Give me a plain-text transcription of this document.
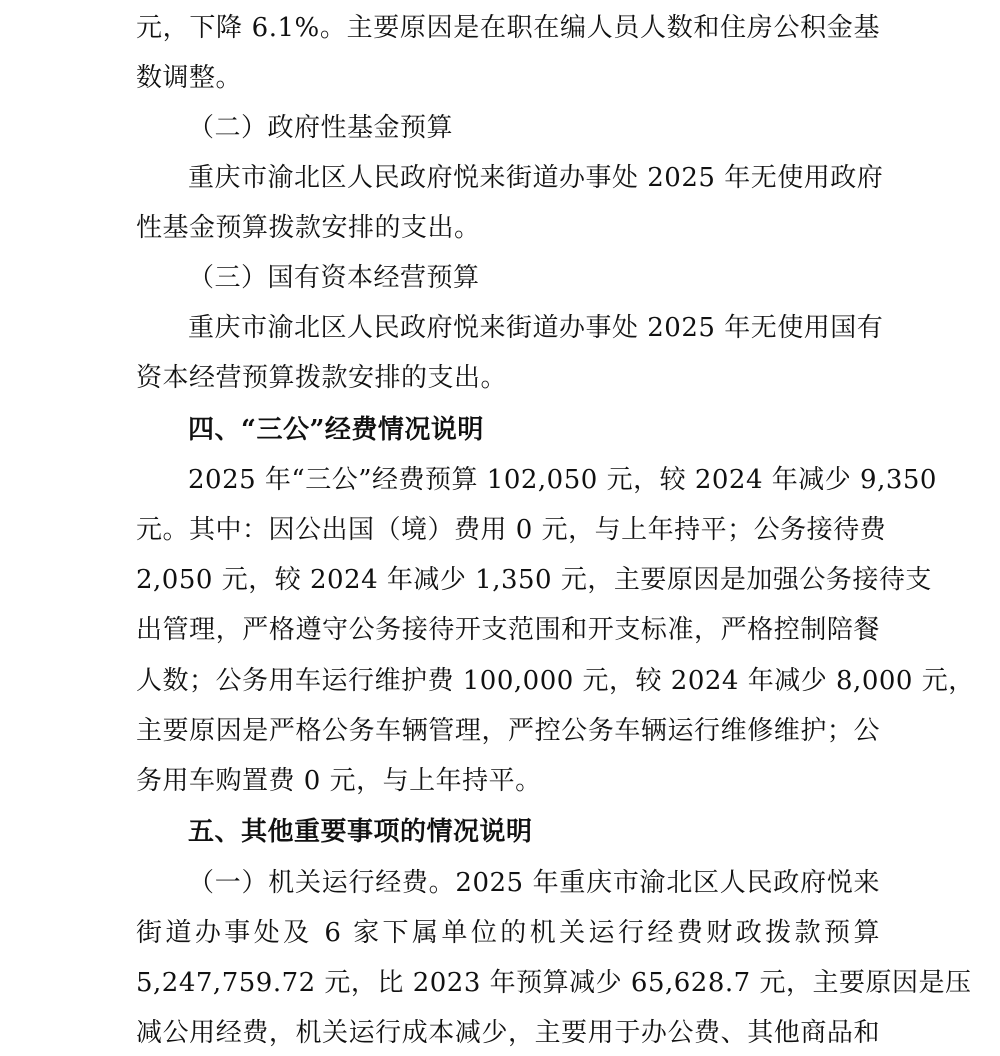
元，下降 6.1%。主要原因是在职在编人员人数和住房公积金基
数调整。
（二）政府性基金预算
重庆市渝北区人民政府悦来街道办事处 2025 年无使用政府
性基金预算拨款安排的支出。
（三）国有资本经营预算
重庆市渝北区人民政府悦来街道办事处 2025 年无使用国有
资本经营预算拨款安排的支出。
四、“三公”经费情况说明
2025 年“三公”经费预算 102,050 元，较 2024 年减少 9,350
元。其中：因公出国（境）费用 0 元，与上年持平；公务接待费
2,050 元，较 2024 年减少 1,350 元，主要原因是加强公务接待支
出管理，严格遵守公务接待开支范围和开支标准，严格控制陪餐
人数；公务用车运行维护费 100,000 元，较 2024 年减少 8,000 元，
主要原因是严格公务车辆管理，严控公务车辆运行维修维护；公
务用车购置费 0 元，与上年持平。
五、其他重要事项的情况说明
（一）机关运行经费。2025 年重庆市渝北区人民政府悦来
街道办事处及 6 家下属单位的机关运行经费财政拨款预算
5,247,759.72 元，比 2023 年预算减少 65,628.7 元，主要原因是压
减公用经费，机关运行成本减少，主要用于办公费、其他商品和
